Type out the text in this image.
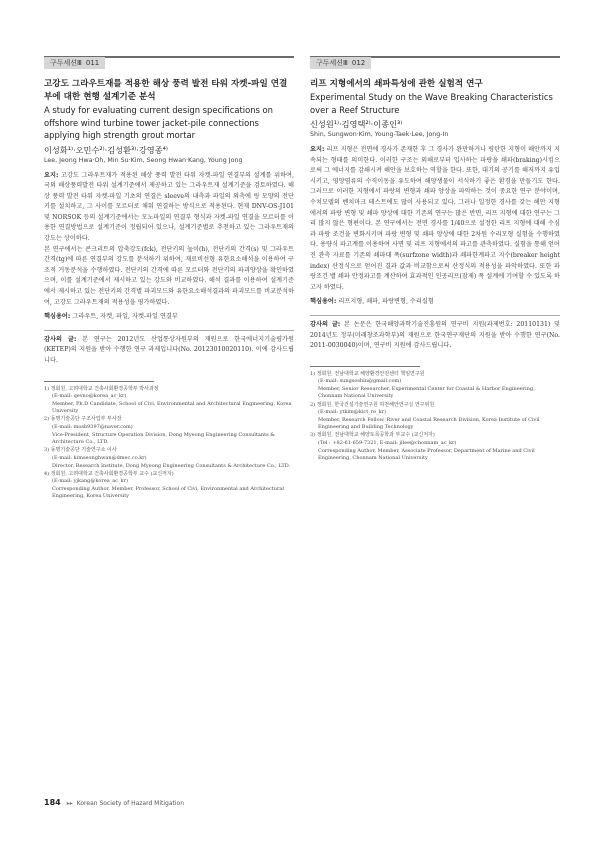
구두세션Ⅲ 011

고강도 그라우트재를 적용한 해상 풍력 발전 타워 자켓-파일 연결부에 대한 현행 설계기준 분석

A study for evaluating current design specifications on offshore wind turbine tower jacket-pile connections applying high strength grout mortar

이성화¹⁾·오민수²⁾·김성환³⁾·강영종⁴⁾
Lee, Jeong Hwa·Oh, Min Su·Kim, Seong Hwan·Kang, Young Jong

요지: 고강도 그라우트재가 적용된 해상 풍력 발전 타워 자켓-파일 연결부의 설계를 위하여, 국외 해상풍력발전 타워 설계기준에서 제공하고 있는 그라우트재 설계기준을 검토하였다. 해상 풍력 발전 타워 자켓-파일 기초의 연결은 sleeve의 내측과 파일의 외측에 링 모양의 전단키를 설치하고, 그 사이를 모르터로 채워 연결하는 방식으로 적용된다. 현재 DNV-OS-J101 및 NORSOK 등의 설계기준에서는 모노파일의 연결부 형식과 자켓-파일 연결을 모르터를 이용한 연결방법으로 설계기준이 정립되어 있으나, 설계기준별로 추천하고 있는 그라우트재의 강도는 상이하다.

본 연구에서는 콘크리트의 압축강도(fck), 전단키의 높이(h), 전단키의 간격(s) 및 그라우트 간격(tg)에 따른 연결부의 강도를 분석하기 위하여, 재료비선형 유한요소해석을 이용하여 구조적 거동분석을 수행하였다. 전단키의 간격에 따른 모르터와 전단키의 파괴양상을 확인하였으며, 이를 설계기준에서 제시하고 있는 강도와 비교하였다. 해석 결과를 이용하여 설계기준에서 제시하고 있는 전단키의 간격별 파괴모드와 유한요소해석결과의 파괴모드를 비교분석하여, 고강도 그라우트재의 적용성을 평가하였다.

핵심용어: 그라우트, 자켓, 파일, 자켓-파일 연결부

감사의 글: 본 연구는 2012년도 산업통상자원부의 재원으로 한국에너지기술평가원(KETEP)의 지원을 받아 수행한 연구 과제입니다(No. 20123010020110). 이에 감사드립니다.

1) 정회원, 고려대학교 건축사회환경공학부 박사과정
(E-mail: qevno@korea_ac_kr)
Member, Ph.D Candidate, School of Civi, Environmental and Architectural Engineering, Korea University
2) 동명기술공단 구조사업부 부사장
(E-mail: mosb9397@naver.com)
Vice-President, Structure Operation Division, Dong Myeong Engineering Consultants & Architecture Co., LTD.
3) 동명기술공단 기술연구소 이사
(E-mail: kimseonghwan@dmec.co.kr)
Director, Research Institute, Dong Myeong Engineering Consultants & Architecture Co., LTD.
4) 정회원, 고려대학교 건축사회환경공학부 교수 (교신저자)
(E-mail: yjkang@korea_ac_kr)
Corresponding Author, Member, Professor, School of Civi, Environmental and Architectural Engineering, Korea University
구두세션Ⅲ 012

리프 지형에서의 쇄파특성에 관한 실험적 연구

Experimental Study on the Wave Breaking Characteristics over a Reef Structure

신성원¹⁾·김영택²⁾·이종인³⁾
Shin, Sungwon·Kim, Young-Taek·Lee, Jong-In

요지: 리프 지형은 전면에 경사가 존재한 후 그 경사가 완만하거나 평탄한 지형이 해안까지 지속되는 형태를 의미한다. 이러한 구조는 외해로부터 입사하는 파랑을 쇄파(braking)시킴으로써 그 에너지를 감쇄시켜 해안을 보호하는 역할을 한다. 또한, 대기의 공기를 해저까지 유입시키고, 영양염류의 수직이동을 유도하여 해양생물이 서식하기 좋은 환경을 만들기도 한다. 그러므로 이러한 지형에서 파랑의 변형과 쇄파 양상을 파악하는 것이 중요한 연구 분야이며, 수치모델의 벤치마크 테스트에도 많이 사용되고 있다. 그러나 일정한 경사를 갖는 해안 지형에서의 파랑 변형 및 쇄파 양상에 대한 기존의 연구는 많은 반면, 리프 지형에 대한 연구는 그리 많지 않은 형편이다. 본 연구에서는 전면 경사를 1/40으로 설정한 리프 지형에 대해 수심과 파랑 조건을 변화시키며 파랑 변형 및 쇄파 양상에 대한 2차원 수리모형 실험을 수행하였다. 용량식 파고계를 이용하여 사면 및 리프 지형에서의 파고를 관측하였다. 실험을 통해 얻어진 관측 자료를 기존의 쇄파대 폭(surfzone width)과 쇄파한계파고 지수(breaker height index) 산정식으로 얻어진 결과 값과 비교함으로써 산정식의 적용성을 파악하였다. 또한 파랑조건 별 쇄파 안정파고를 계산하여 효과적인 인공리프(잠제) 폭 설계에 기여할 수 있도록 하고자 하였다.

핵심용어: 리프지형, 쇄파, 파랑변형, 수리실험

감사의 글: 본 논문은 한국해양과학기술진흥원의 연구비 지원(과제번호: 20110131) 및 2014년도 정부(미래창조과학부)의 재원으로 한국연구재단의 지원을 받아 수행한 연구(No. 2011-0030040)이며, 연구비 지원에 감사드립니다.

1) 정회원, 전남대학교 해양환경안전센터 책임연구원
(E-mail: sungsoshin@gmail.com)
Member, Senior Researcher, Experimental Center for Coastal & Harbor Engineering, Chonnam National University
2) 정회원, 한국건설기술연구원 하천해안연구실 연구위원
(E-mail: ytkim@kict_re_kr)
Member, Research Fellow, River and Coastal Research Division, Korea Institute of Civil Engineering and Building Technology
3) 정회원, 전남대학교 해양토목공학과 부교수 (교신저자)
(Tel : +82-61-659-7321, E-mail: jilee@chonnam_ac_kr)
Corresponding Author, Member, Associate Professor, Department of Marine and Civil Engineering, Chonnam National University
184 ▸▸ Korean Society of Hazard Mitigation
